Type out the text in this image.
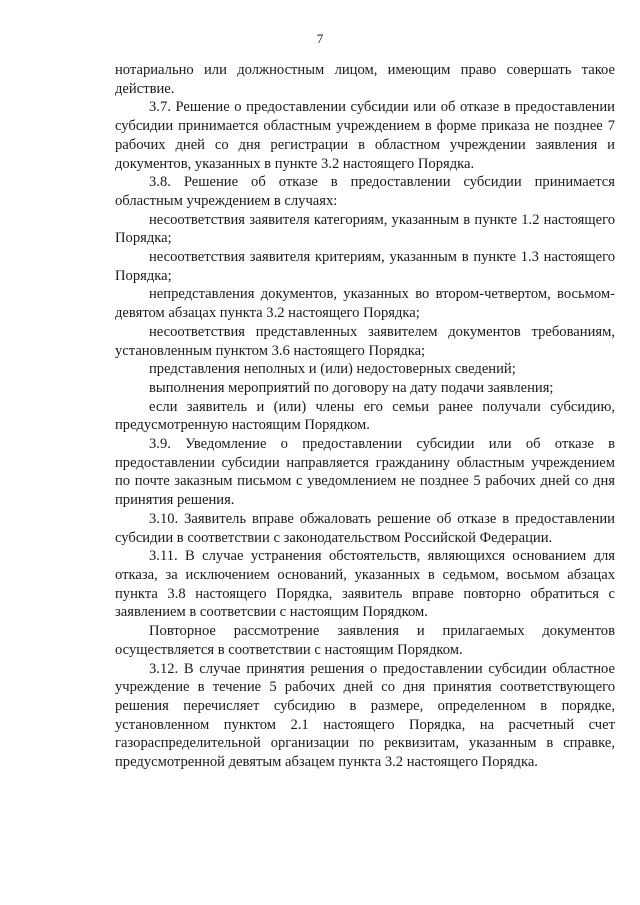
7

нотариально или должностным лицом, имеющим право совершать такое действие.

3.7. Решение о предоставлении субсидии или об отказе в предоставлении субсидии принимается областным учреждением в форме приказа не позднее 7 рабочих дней со дня регистрации в областном учреждении заявления и документов, указанных в пункте 3.2 настоящего Порядка.

3.8. Решение об отказе в предоставлении субсидии принимается областным учреждением в случаях:

несоответствия заявителя категориям, указанным в пункте 1.2 настоящего Порядка;

несоответствия заявителя критериям, указанным в пункте 1.3 настоящего Порядка;

непредставления документов, указанных во втором-четвертом, восьмом-девятом абзацах пункта 3.2 настоящего Порядка;

несоответствия представленных заявителем документов требованиям, установленным пунктом 3.6 настоящего Порядка;

представления неполных и (или) недостоверных сведений;

выполнения мероприятий по договору на дату подачи заявления;

если заявитель и (или) члены его семьи ранее получали субсидию, предусмотренную настоящим Порядком.

3.9. Уведомление о предоставлении субсидии или об отказе в предоставлении субсидии направляется гражданину областным учреждением по почте заказным письмом с уведомлением не позднее 5 рабочих дней со дня принятия решения.

3.10. Заявитель вправе обжаловать решение об отказе в предоставлении субсидии в соответствии с законодательством Российской Федерации.

3.11. В случае устранения обстоятельств, являющихся основанием для отказа, за исключением оснований, указанных в седьмом, восьмом абзацах пункта 3.8 настоящего Порядка, заявитель вправе повторно обратиться с заявлением в соответсвии с настоящим Порядком.

Повторное рассмотрение заявления и прилагаемых документов осуществляется в соответствии с настоящим Порядком.

3.12. В случае принятия решения о предоставлении субсидии областное учреждение в течение 5 рабочих дней со дня принятия соответствующего решения перечисляет субсидию в размере, определенном в порядке, установленном пунктом 2.1 настоящего Порядка, на расчетный счет газораспределительной организации по реквизитам, указанным в справке, предусмотренной девятым абзацем пункта 3.2 настоящего Порядка.
